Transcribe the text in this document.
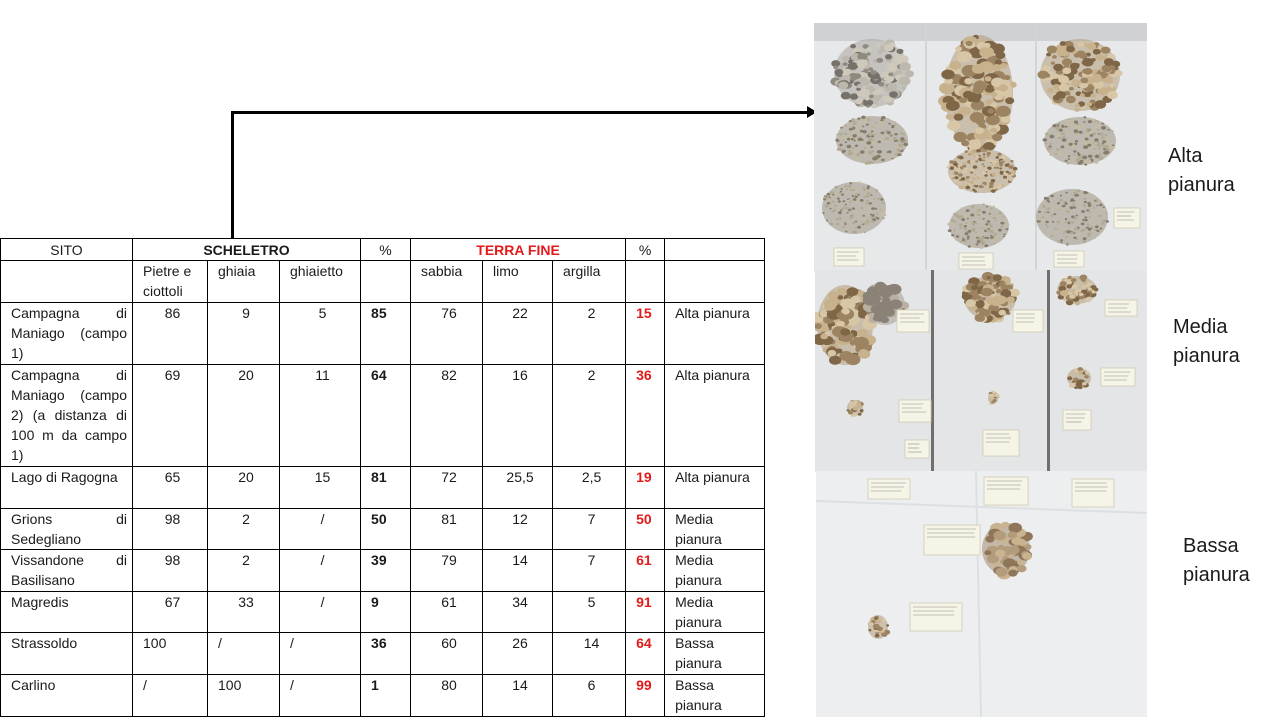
SITO	SCHELETRO			%	TERRA FINE			%	
	Pietre e ciottoli	ghiaia	ghiaietto		sabbia	limo	argilla		
Campagna di Maniago (campo 1)	86	9	5	85	76	22	2	15	Alta pianura
Campagna di Maniago (campo 2) (a distanza di 100 m da campo 1)	69	20	11	64	82	16	2	36	Alta pianura
Lago di Ragogna	65	20	15	81	72	25,5	2,5	19	Alta pianura
Grions di Sedegliano	98	2	/	50	81	12	7	50	Media pianura
Vissandone di Basilisano	98	2	/	39	79	14	7	61	Media pianura
Magredis	67	33	/	9	61	34	5	91	Media pianura
Strassoldo	100	/	/	36	60	26	14	64	Bassa pianura
Carlino	/	100	/	1	80	14	6	99	Bassa pianura
Alta pianura
Media pianura
Bassa pianura
